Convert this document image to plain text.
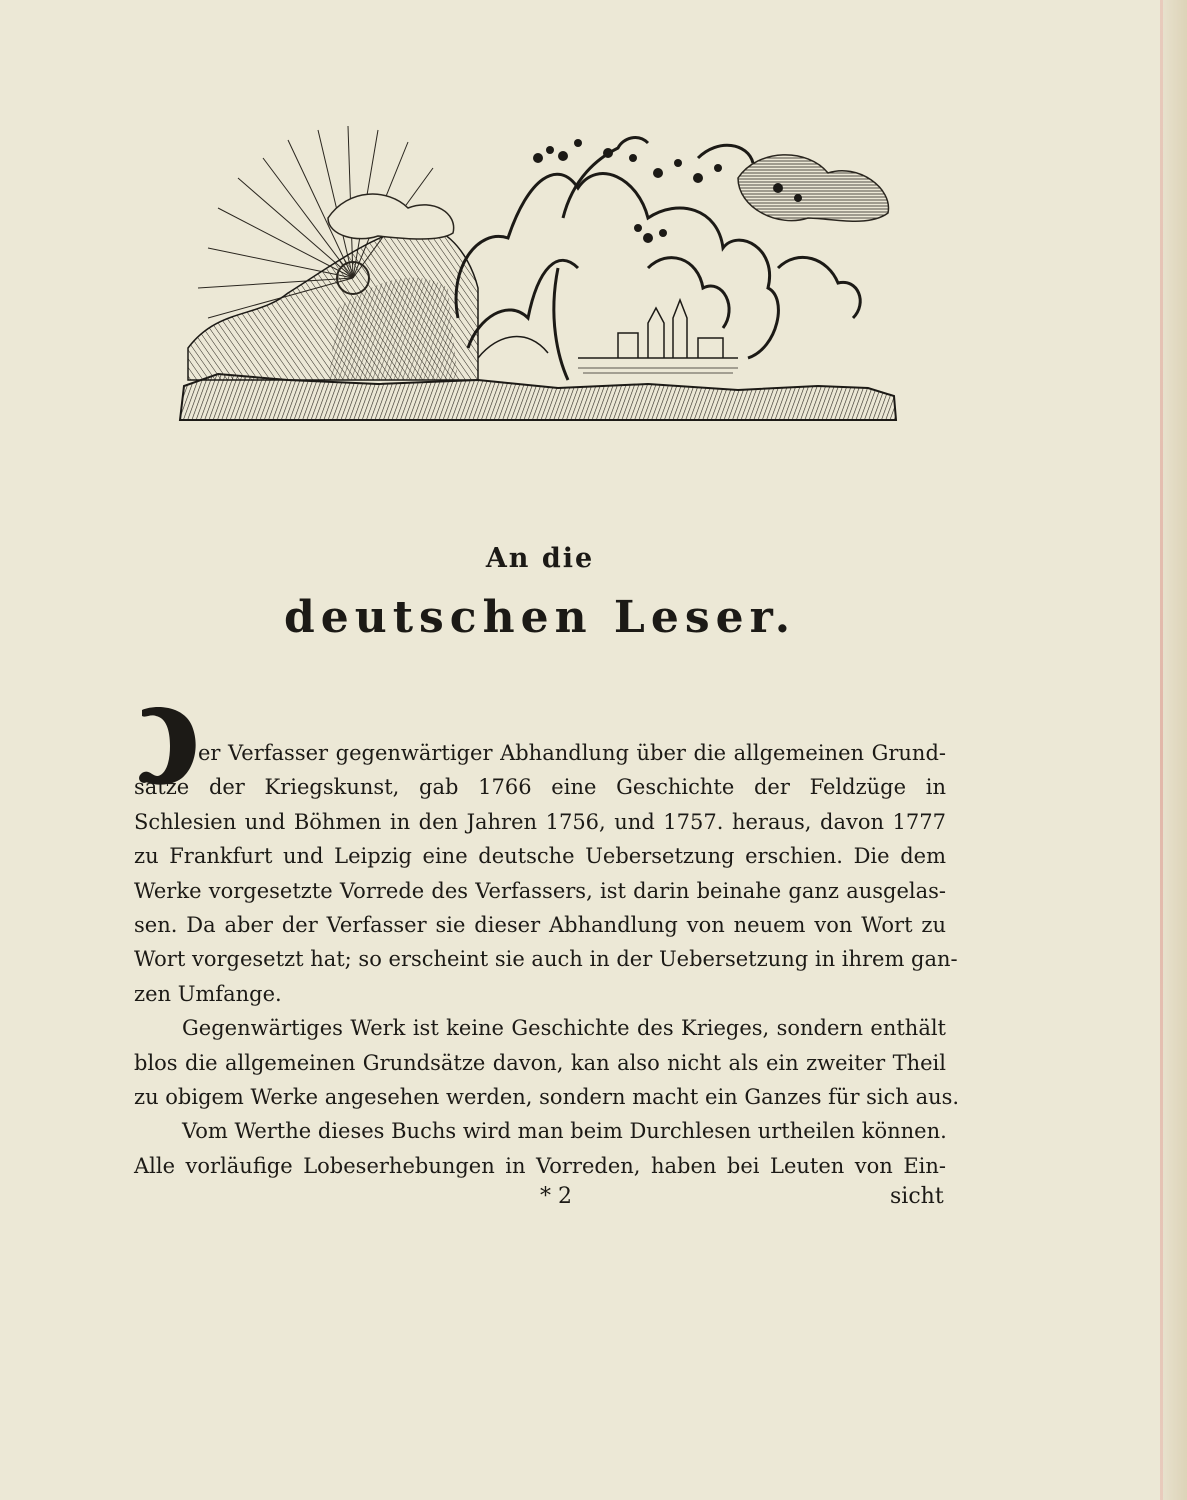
An die
deutschen Leser.
er Verfasser gegenwärtiger Abhandlung über die allgemeinen Grund-
sätze der Kriegskunst, gab 1766 eine Geschichte der Feldzüge in
Schlesien und Böhmen in den Jahren 1756, und 1757. heraus, davon 1777
zu Frankfurt und Leipzig eine deutsche Uebersetzung erschien. Die dem
Werke vorgesetzte Vorrede des Verfassers, ist darin beinahe ganz ausgelas-
sen. Da aber der Verfasser sie dieser Abhandlung von neuem von Wort zu
Wort vorgesetzt hat; so erscheint sie auch in der Uebersetzung in ihrem gan-
zen Umfange.
Gegenwärtiges Werk ist keine Geschichte des Krieges, sondern enthält
blos die allgemeinen Grundsätze davon, kan also nicht als ein zweiter Theil
zu obigem Werke angesehen werden, sondern macht ein Ganzes für sich aus.
Vom Werthe dieses Buchs wird man beim Durchlesen urtheilen können.
Alle vorläufige Lobeserhebungen in Vorreden, haben bei Leuten von Ein-
* 2	sicht
